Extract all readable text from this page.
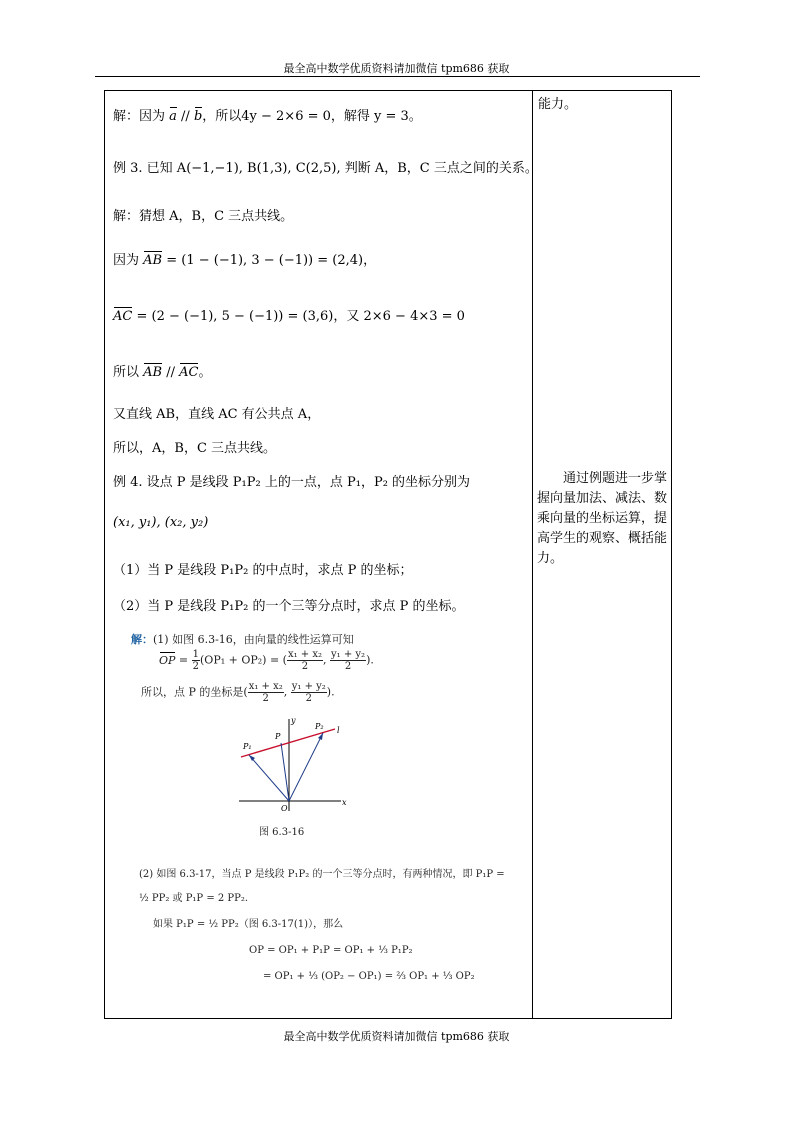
最全高中数学优质资料请加微信 tpm686 获取
解：因为 a // b，所以4y − 2×6 = 0，解得 y = 3。
例 3. 已知 A(−1,−1), B(1,3), C(2,5), 判断 A，B，C 三点之间的关系。
解：猜想 A，B，C 三点共线。
因为 AB = (1 − (−1), 3 − (−1)) = (2,4)，
AC = (2 − (−1), 5 − (−1)) = (3,6)，又 2×6 − 4×3 = 0
所以 AB // AC。
又直线 AB，直线 AC 有公共点 A，
所以，A，B，C 三点共线。
例 4. 设点 P 是线段 P₁P₂ 上的一点，点 P₁，P₂ 的坐标分别为
(x₁, y₁), (x₂, y₂)
（1）当 P 是线段 P₁P₂ 的中点时，求点 P 的坐标；
（2）当 P 是线段 P₁P₂ 的一个三等分点时，求点 P 的坐标。
解：(1) 如图 6.3-16，由向量的线性运算可知
OP = $\frac{1}{2} (OP_1 + OP_2)$ = ( $\frac{\text{x₁ + x₂}}{2}$ , $\frac{\text{y₁ + y₂}}{2}$ ).
所以，点 P 的坐标是( $\frac{\text{x₁ + x₂}}{2}$ , $\frac{\text{y₁ + y₂}}{2}$ ).
P₁
P
P₂ l
y
x
O
图 6.3-16
(2) 如图 6.3-17，当点 P 是线段 P₁P₂ 的一个三等分点时，有两种情况，即 P₁P =
½ PP₂ 或 P₁P = 2 PP₂.
如果 P₁P = ½ PP₂（图 6.3-17(1)），那么
OP = OP₁ + P₁P = OP₁ + ⅓ P₁P₂
= OP₁ + ⅓ (OP₂ − OP₁) = ⅔ OP₁ + ⅓ OP₂
能力。
通过例题进一步掌握向量加法、减法、数乘向量的坐标运算，提高学生的观察、概括能力。
最全高中数学优质资料请加微信 tpm686 获取
